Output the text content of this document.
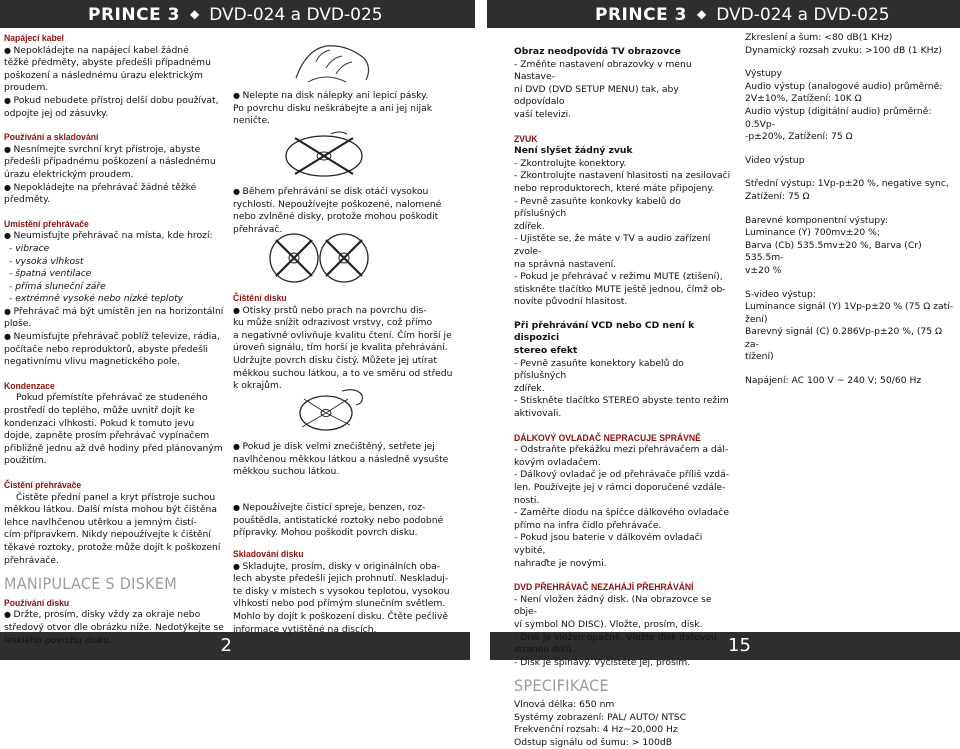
PRINCE 3 ◆ DVD-024 a DVD-025	PRINCE 3 ◆ DVD-024 a DVD-025
2	15
Napájecí kabel

● Nepokládejte na napájecí kabel žádné

těžké předměty, abyste předešli případnému

poškození a následnému úrazu elektrickým

proudem.

● Pokud nebudete přístroj delší dobu používat,

odpojte jej od zásuvky.

Používání a skladování

● Nesnímejte svrchní kryt přístroje, abyste

předešli případnému poškození a následnému

úrazu elektrickým proudem.

● Nepokládejte na přehrávač žádné těžké

předměty.

Umístění přehrávače

● Neumisťujte přehrávač na místa, kde hrozí:

- vibrace

- vysoká vlhkost

- špatná ventilace

- přímá sluneční záře

- extrémně vysoké nebo nízké teploty

● Přehrávač má být umístěn jen na horizontální

ploše.

● Neumisťujte přehrávač poblíž televize, rádia,

počítače nebo reproduktorů, abyste předešli

negativnímu vlivu magnetického pole.

Kondenzace

Pokud přemístíte přehrávač ze studeného

prostředí do teplého, může uvnitř dojít ke

kondenzaci vlhkosti. Pokud k tomuto jevu

dojde, zapněte prosím přehrávač vypínačem

přibližně jednu až dvě hodiny před plánovaným

použitím.

Čistění přehrávače

Čistěte přední panel a kryt přístroje suchou

měkkou látkou. Další místa mohou být čištěna

lehce navlhčenou utěrkou a jemným čistí-

cím přípravkem. Nikdy nepoužívejte k čištění

těkavé roztoky, protože může dojít k poškození

přehrávače.

MANIPULACE S DISKEM
Používání disku

● Držte, prosím, disky vždy za okraje nebo

středový otvor dle obrázku níže. Nedotýkejte se

lesklého povrchu disku.

● Nelepte na disk nálepky ani lepicí pásky.

Po povrchu disku neškrábejte a ani jej nijak

neničte.

● Během přehrávání se disk otáčí vysokou

rychlostí. Nepoužívejte poškozené, nalomené

nebo zvlněné disky, protože mohou poškodit

přehrávač.

Čištění disku

● Otisky prstů nebo prach na povrchu dis-

ku může snížit odrazivost vrstvy, což přímo

a negativně ovlivňuje kvalitu čtení. Čím horší je

úroveň signálu, tím horší je kvalita přehrávání.

Udržujte povrch disku čistý. Můžete jej utírat

měkkou suchou látkou, a to ve směru od středu

k okrajům.

● Pokud je disk velmi znečištěný, setřete jej

navlhčenou měkkou látkou a následně vysušte

měkkou suchou látkou.

● Nepoužívejte čisticí spreje, benzen, roz-

pouštědla, antistatické roztoky nebo podobné

přípravky. Mohou poškodit povrch disku.

Skladování disku

● Skladujte, prosím, disky v originálních oba-

lech abyste předešli jejich prohnutí. Neskladuj-

te disky v místech s vysokou teplotou, vysokou

vlhkostí nebo pod přímým slunečním světlem.

Mohlo by dojít k poškození disku. Čtěte pečlivě

informace vytištěné na discích.

Obraz neodpovídá TV obrazovce

- Změňte nastavení obrazovky v menu Nastave-

ní DVD (DVD SETUP MENU) tak, aby odpovídalo

vaší televizi.

ZVUK

Není slyšet žádný zvuk

- Zkontrolujte konektory.

- Zkontrolujte nastavení hlasitosti na zesilovači

nebo reproduktorech, které máte připojeny.

- Pevně zasuňte konkovky kabelů do příslušných

zdířek.

- Ujistěte se, že máte v TV a audio zařízení zvole-

na správná nastavení.

- Pokud je přehrávač v režimu MUTE (ztišení),

stiskněte tlačítko MUTE ještě jednou, čímž ob-

novíte původní hlasitost.

Při přehrávání VCD nebo CD není k dispozici

stereo efekt

- Pevně zasuňte konektory kabelů do příslušných

zdířek.

- Stiskněte tlačítko STEREO abyste tento režim

aktivovali.

DÁLKOVÝ OVLADAČ NEPRACUJE SPRÁVNĚ

- Odstraňte překážku mezi přehrávačem a dál-

kovým ovladačem.

- Dálkový ovladač je od přehrávače příliš vzdá-

len. Používejte jej v rámci doporučené vzdále-

nosti.

- Zaměřte diodu na špičce dálkového ovladače

přímo na infra čidlo přehrávače.

- Pokud jsou baterie v dálkovém ovladači vybité,

nahraďte je novými.

DVD PŘEHRÁVAČ NEZAHÁJÍ PŘEHRÁVÁNÍ

- Není vložen žádný disk. (Na obrazovce se obje-

ví symbol NO DISC). Vložte, prosím, disk.

- Disk je vložen opačně. Vložte disk datovou

stranou dolů.

- Disk je špinavý. Vyčistěte jej, prosím.

SPECIFIKACE

Vlnová délka: 650 nm

Systémy zobrazení: PAL/ AUTO/ NTSC

Frekvenční rozsah: 4 Hz~20,000 Hz

Odstup signálu od šumu: > 100dB

Zkreslení a šum: <80 dB(1 KHz)

Dynamický rozsah zvuku: >100 dB (1 KHz)

Výstupy

Audio výstup (analogové audio) průměrně:

2V±10%, Zatížení: 10K Ω

Audio výstup (digitální audio) průměrně: 0.5Vp-

-p±20%, Zatížení: 75 Ω

Video výstup

Střední výstup: 1Vp-p±20 %, negative sync,

Zatížení: 75 Ω

Barevné komponentní výstupy:

Luminance (Y) 700mv±20 %;

Barva (Cb) 535.5mv±20 %, Barva (Cr) 535.5m-

v±20 %

S-video výstup:

Luminance signál (Y) 1Vp-p±20 % (75 Ω zatí-

žení)

Barevný signál (C) 0.286Vp-p±20 %, (75 Ω za-

tížení)

Napájení: AC 100 V ~ 240 V; 50/60 Hz
